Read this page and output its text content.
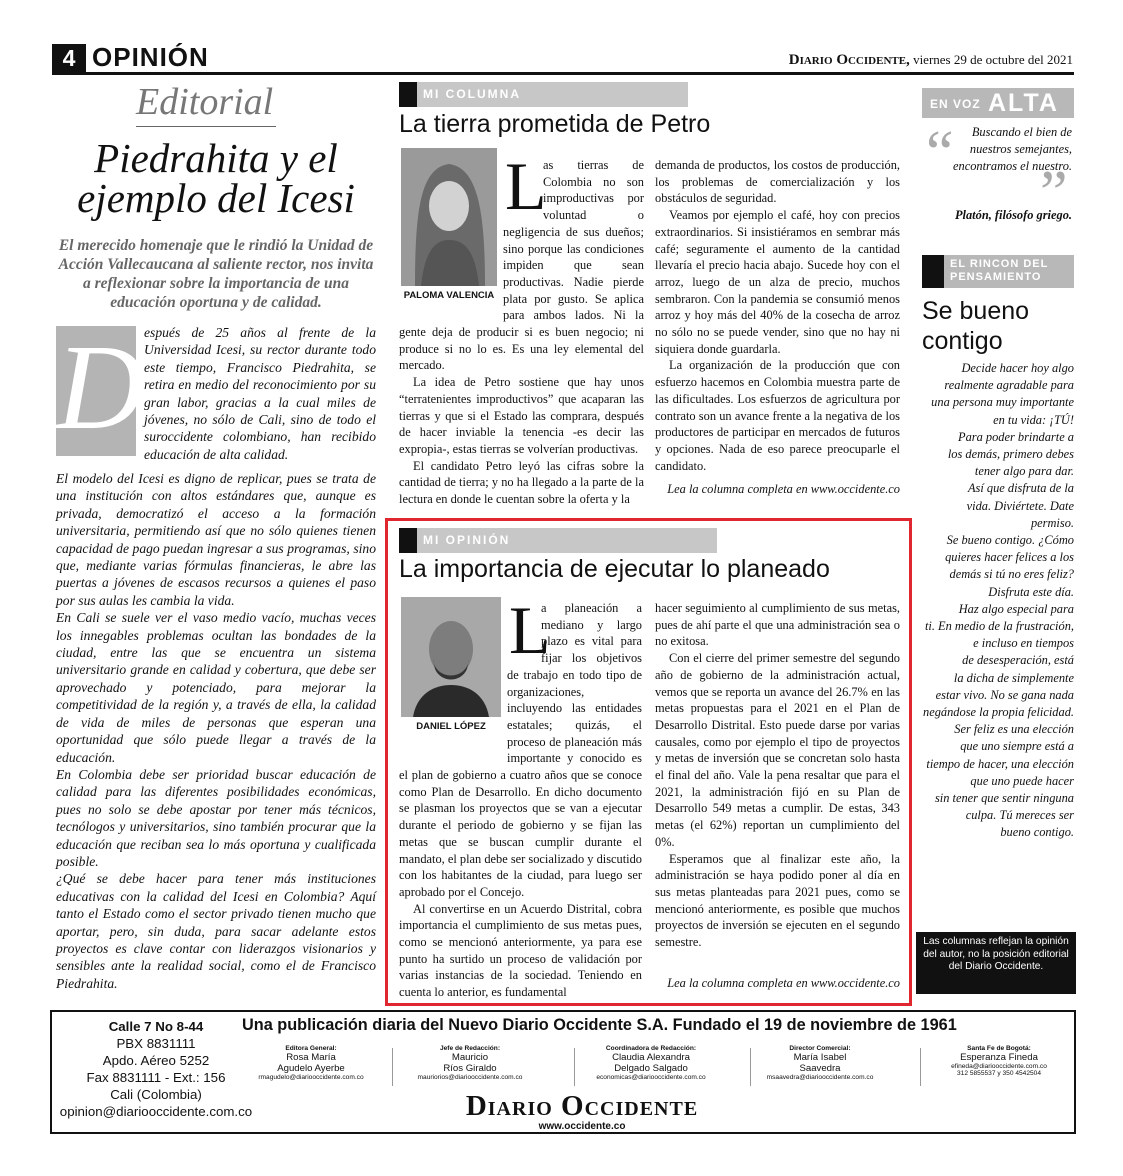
4 OPINIÓN	Diario Occidente, viernes 29 de octubre del 2021
Editorial
Piedrahita y el ejemplo del Icesi
El merecido homenaje que le rindió la Unidad de Acción Vallecaucana al saliente rector, nos invita a reflexionar sobre la importancia de una educación oportuna y de calidad.
D espués de 25 años al frente de la Universidad Icesi, su rector durante todo este tiempo, Francisco Piedrahita, se retira en medio del reconocimiento por su gran labor, gracias a la cual miles de jóvenes, no sólo de Cali, sino de todo el suroccidente colombiano, han recibido educación de alta calidad.

El modelo del Icesi es digno de replicar, pues se trata de una institución con altos estándares que, aunque es privada, democratizó el acceso a la formación universitaria, permitiendo así que no sólo quienes tienen capacidad de pago puedan ingresar a sus programas, sino que, mediante varias fórmulas financieras, le abre las puertas a jóvenes de escasos recursos a quienes el paso por sus aulas les cambia la vida.

En Cali se suele ver el vaso medio vacío, muchas veces los innegables problemas ocultan las bondades de la ciudad, entre las que se encuentra un sistema universitario grande en calidad y cobertura, que debe ser aprovechado y potenciado, para mejorar la competitividad de la región y, a través de ella, la calidad de vida de miles de personas que esperan una oportunidad que sólo puede llegar a través de la educación.

En Colombia debe ser prioridad buscar educación de calidad para las diferentes posibilidades económicas, pues no solo se debe apostar por tener más técnicos, tecnólogos y universitarios, sino también procurar que la educación que reciban sea lo más oportuna y cualificada posible.

¿Qué se debe hacer para tener más instituciones educativas con la calidad del Icesi en Colombia? Aquí tanto el Estado como el sector privado tienen mucho que aportar, pero, sin duda, para sacar adelante estos proyectos es clave contar con liderazgos visionarios y sensibles ante la realidad social, como el de Francisco Piedrahita.

MI COLUMNA
La tierra prometida de Petro
PALOMA VALENCIA
L
as tierras de Colombia no son improductivas por voluntad o negligencia de sus dueños; sino porque las condiciones impiden que sean productivas. Nadie pierde plata por gusto. Se aplica para ambos lados. Ni la gente deja de producir si es buen negocio; ni produce si no lo es. Es una ley elemental del mercado.

La idea de Petro sostiene que hay unos “terratenientes improductivos” que acaparan las tierras y que si el Estado las comprara, después de hacer inviable la tenencia -es decir las expropia-, estas tierras se volverían productivas.

El candidato Petro leyó las cifras sobre la cantidad de tierra; y no ha llegado a la parte de la lectura en donde le cuentan sobre la oferta y la

demanda de productos, los costos de producción, los problemas de comercialización y los obstáculos de seguridad.

Veamos por ejemplo el café, hoy con precios extraordinarios. Si insistiéramos en sembrar más café; seguramente el aumento de la cantidad llevaría el precio hacia abajo. Sucede hoy con el arroz, luego de un alza de precio, muchos sembraron. Con la pandemia se consumió menos arroz y hoy más del 40% de la cosecha de arroz no sólo no se puede vender, sino que no hay ni siquiera donde guardarla.

La organización de la producción que con esfuerzo hacemos en Colombia muestra parte de las dificultades. Los esfuerzos de agricultura por contrato son un avance frente a la negativa de los productores de participar en mercados de futuros y opciones. Nada de eso parece preocuparle el candidato.

Lea la columna completa en www.occidente.co
MI OPINIÓN
La importancia de ejecutar lo planeado
DANIEL LÓPEZ
L
a planeación a mediano y largo plazo es vital para fijar los objetivos de trabajo en todo tipo de organizaciones, incluyendo las entidades estatales; quizás, el proceso de planeación más importante y conocido es el plan de gobierno a cuatro años que se conoce como Plan de Desarrollo. En dicho documento se plasman los proyectos que se van a ejecutar durante el periodo de gobierno y se fijan las metas que se buscan cumplir durante el mandato, el plan debe ser socializado y discutido con los habitantes de la ciudad, para luego ser aprobado por el Concejo.

Al convertirse en un Acuerdo Distrital, cobra importancia el cumplimiento de sus metas pues, como se mencionó anteriormente, ya para ese punto ha surtido un proceso de validación por varias instancias de la sociedad. Teniendo en cuenta lo anterior, es fundamental

hacer seguimiento al cumplimiento de sus metas, pues de ahí parte el que una administración sea o no exitosa.

Con el cierre del primer semestre del segundo año de gobierno de la administración actual, vemos que se reporta un avance del 26.7% en las metas propuestas para el 2021 en el Plan de Desarrollo Distrital. Esto puede darse por varias causales, como por ejemplo el tipo de proyectos y metas de inversión que se concretan solo hasta el final del año. Vale la pena resaltar que para el 2021, la administración fijó en su Plan de Desarrollo 549 metas a cumplir. De estas, 343 metas (el 62%) reportan un cumplimiento del 0%.

Esperamos que al finalizar este año, la administración se haya podido poner al día en sus metas planteadas para 2021 pues, como se mencionó anteriormente, es posible que muchos proyectos de inversión se ejecuten en el segundo semestre.

Lea la columna completa en www.occidente.co
EN VOZ ALTA
“
”
Buscando el bien de nuestros semejantes, encontramos el nuestro.
Platón, filósofo griego.
EL RINCON DEL PENSAMIENTO
Se bueno contigo
Decide hacer hoy algo
realmente agradable para
una persona muy importante
en tu vida: ¡TÚ!
Para poder brindarte a
los demás, primero debes
tener algo para dar.
Así que disfruta de la
vida. Diviértete. Date permiso.
Se bueno contigo. ¿Cómo
quieres hacer felices a los
demás si tú no eres feliz?
Disfruta este día.
Haz algo especial para
ti. En medio de la frustración,
e incluso en tiempos
de desesperación, está
la dicha de simplemente
estar vivo. No se gana nada
negándose la propia felicidad.
Ser feliz es una elección
que uno siempre está a
tiempo de hacer, una elección
que uno puede hacer
sin tener que sentir ninguna
culpa. Tú mereces ser
bueno contigo.
Las columnas reflejan la opinión del autor, no la posición editorial del Diario Occidente.
Calle 7 No 8-44
PBX 8831111
Apdo. Aéreo 5252
Fax 8831111 - Ext.: 156
Cali (Colombia)
opinion@diariooccidente.com.co
Una publicación diaria del Nuevo Diario Occidente S.A. Fundado el 19 de noviembre de 1961
Editora General:
Rosa María
Agudelo Ayerbe
rmagudelo@diariooccidente.com.co
Jefe de Redacción:
Mauricio
Ríos Giraldo
mauriorios@diariooccidente.com.co
Coordinadora de Redacción:
Claudia Alexandra
Delgado Salgado
economicas@diariooccidente.com.co
Director Comercial:
María Isabel
Saavedra
msaavedra@diariooccidente.com.co
Santa Fe de Bogotá:
Esperanza Fineda
efineda@diariooccidente.com.co
312 5855537 y 350 4542504
Diario Occidente
www.occidente.co
